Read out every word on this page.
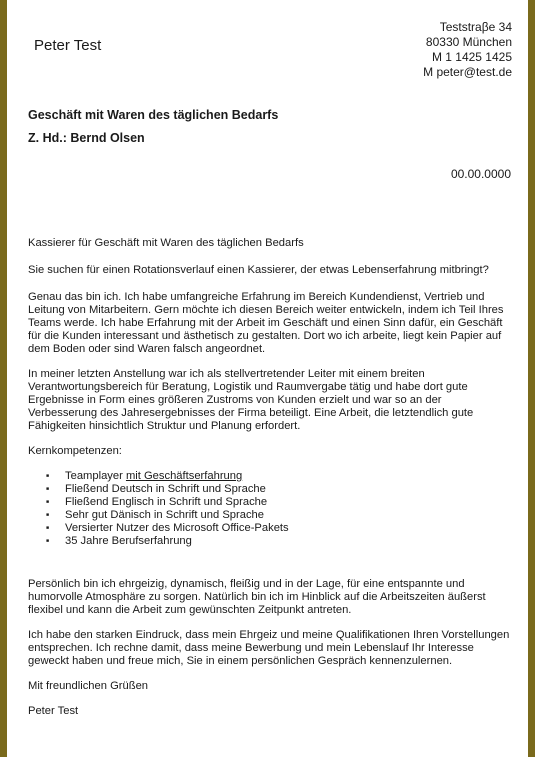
Peter Test
Teststraβe 34
80330 München
M 1 1425 1425
M peter@test.de
Geschäft mit Waren des täglichen Bedarfs
Z. Hd.: Bernd Olsen
00.00.0000

Kassierer für Geschäft mit Waren des täglichen Bedarfs

Sie suchen für einen Rotationsverlauf einen Kassierer, der etwas Lebenserfahrung mitbringt?

Genau das bin ich. Ich habe umfangreiche Erfahrung im Bereich Kundendienst, Vertrieb und Leitung von Mitarbeitern. Gern möchte ich diesen Bereich weiter entwickeln, indem ich Teil Ihres Teams werde. Ich habe Erfahrung mit der Arbeit im Geschäft und einen Sinn dafür, ein Geschäft für die Kunden interessant und ästhetisch zu gestalten. Dort wo ich arbeite, liegt kein Papier auf dem Boden oder sind Waren falsch angeordnet.

In meiner letzten Anstellung war ich als stellvertretender Leiter mit einem breiten Verantwortungsbereich für Beratung, Logistik und Raumvergabe tätig und habe dort gute Ergebnisse in Form eines größeren Zustroms von Kunden erzielt und war so an der Verbesserung des Jahresergebnisses der Firma beteiligt. Eine Arbeit, die letztendlich gute Fähigkeiten hinsichtlich Struktur und Planung erfordert.

Kernkompetenzen:

■ Teamplayer mit Geschäftserfahrung
■ Fließend Deutsch in Schrift und Sprache
■ Fließend Englisch in Schrift und Sprache
■ Sehr gut Dänisch in Schrift und Sprache
■ Versierter Nutzer des Microsoft Office-Pakets
■ 35 Jahre Berufserfahrung

Persönlich bin ich ehrgeizig, dynamisch, fleißig und in der Lage, für eine entspannte und humorvolle Atmosphäre zu sorgen. Natürlich bin ich im Hinblick auf die Arbeitszeiten äußerst flexibel und kann die Arbeit zum gewünschten Zeitpunkt antreten.

Ich habe den starken Eindruck, dass mein Ehrgeiz und meine Qualifikationen Ihren Vorstellungen entsprechen. Ich rechne damit, dass meine Bewerbung und mein Lebenslauf Ihr Interesse geweckt haben und freue mich, Sie in einem persönlichen Gespräch kennenzulernen.

Mit freundlichen Grüßen

Peter Test
